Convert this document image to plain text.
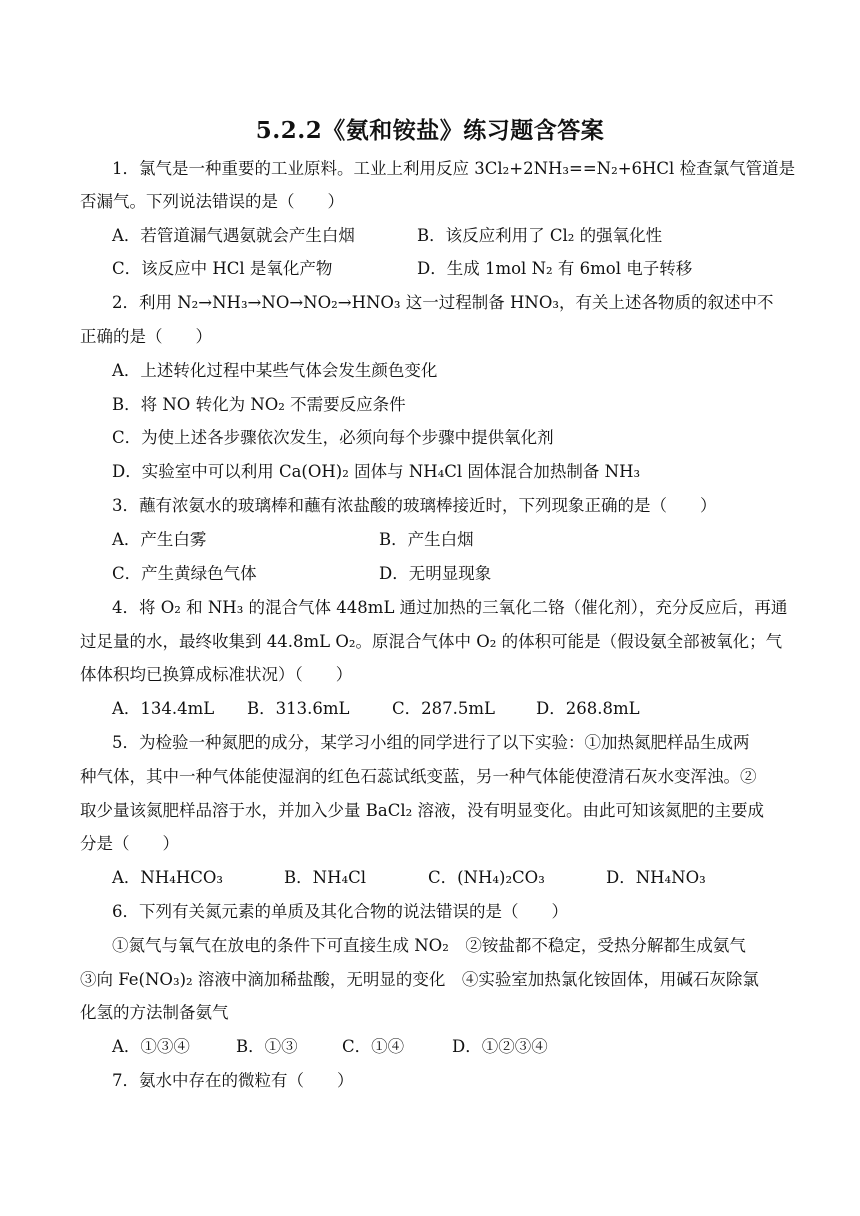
5.2.2《氨和铵盐》练习题含答案
1．氯气是一种重要的工业原料。工业上利用反应 3Cl₂+2NH₃==N₂+6HCl 检查氯气管道是
否漏气。下列说法错误的是（　　）
A．若管道漏气遇氨就会产生白烟	B．该反应利用了 Cl₂ 的强氧化性
C．该反应中 HCl 是氧化产物	D．生成 1mol N₂ 有 6mol 电子转移
2．利用 N₂→NH₃→NO→NO₂→HNO₃ 这一过程制备 HNO₃，有关上述各物质的叙述中不
正确的是（　　）
A．上述转化过程中某些气体会发生颜色变化
B．将 NO 转化为 NO₂ 不需要反应条件
C．为使上述各步骤依次发生，必须向每个步骤中提供氧化剂
D．实验室中可以利用 Ca(OH)₂ 固体与 NH₄Cl 固体混合加热制备 NH₃
3．蘸有浓氨水的玻璃棒和蘸有浓盐酸的玻璃棒接近时，下列现象正确的是（　　）
A．产生白雾	B．产生白烟
C．产生黄绿色气体	D．无明显现象
4．将 O₂ 和 NH₃ 的混合气体 448mL 通过加热的三氧化二铬（催化剂），充分反应后，再通
过足量的水，最终收集到 44.8mL O₂。原混合气体中 O₂ 的体积可能是（假设氨全部被氧化；气
体体积均已换算成标准状况）（　　）
A．134.4mL B．313.6mL	C．287.5mL D．268.8mL
5．为检验一种氮肥的成分，某学习小组的同学进行了以下实验：①加热氮肥样品生成两
种气体，其中一种气体能使湿润的红色石蕊试纸变蓝，另一种气体能使澄清石灰水变浑浊。②
取少量该氮肥样品溶于水，并加入少量 BaCl₂ 溶液，没有明显变化。由此可知该氮肥的主要成
分是（　　）
A．NH₄HCO₃	B．NH₄Cl	C．(NH₄)₂CO₃	D．NH₄NO₃
6．下列有关氮元素的单质及其化合物的说法错误的是（　　）
①氮气与氧气在放电的条件下可直接生成 NO₂　②铵盐都不稳定，受热分解都生成氨气
③向 Fe(NO₃)₂ 溶液中滴加稀盐酸，无明显的变化　④实验室加热氯化铵固体，用碱石灰除氯
化氢的方法制备氨气
A．①③④	B．①③	C．①④	D．①②③④
7．氨水中存在的微粒有（　　）
